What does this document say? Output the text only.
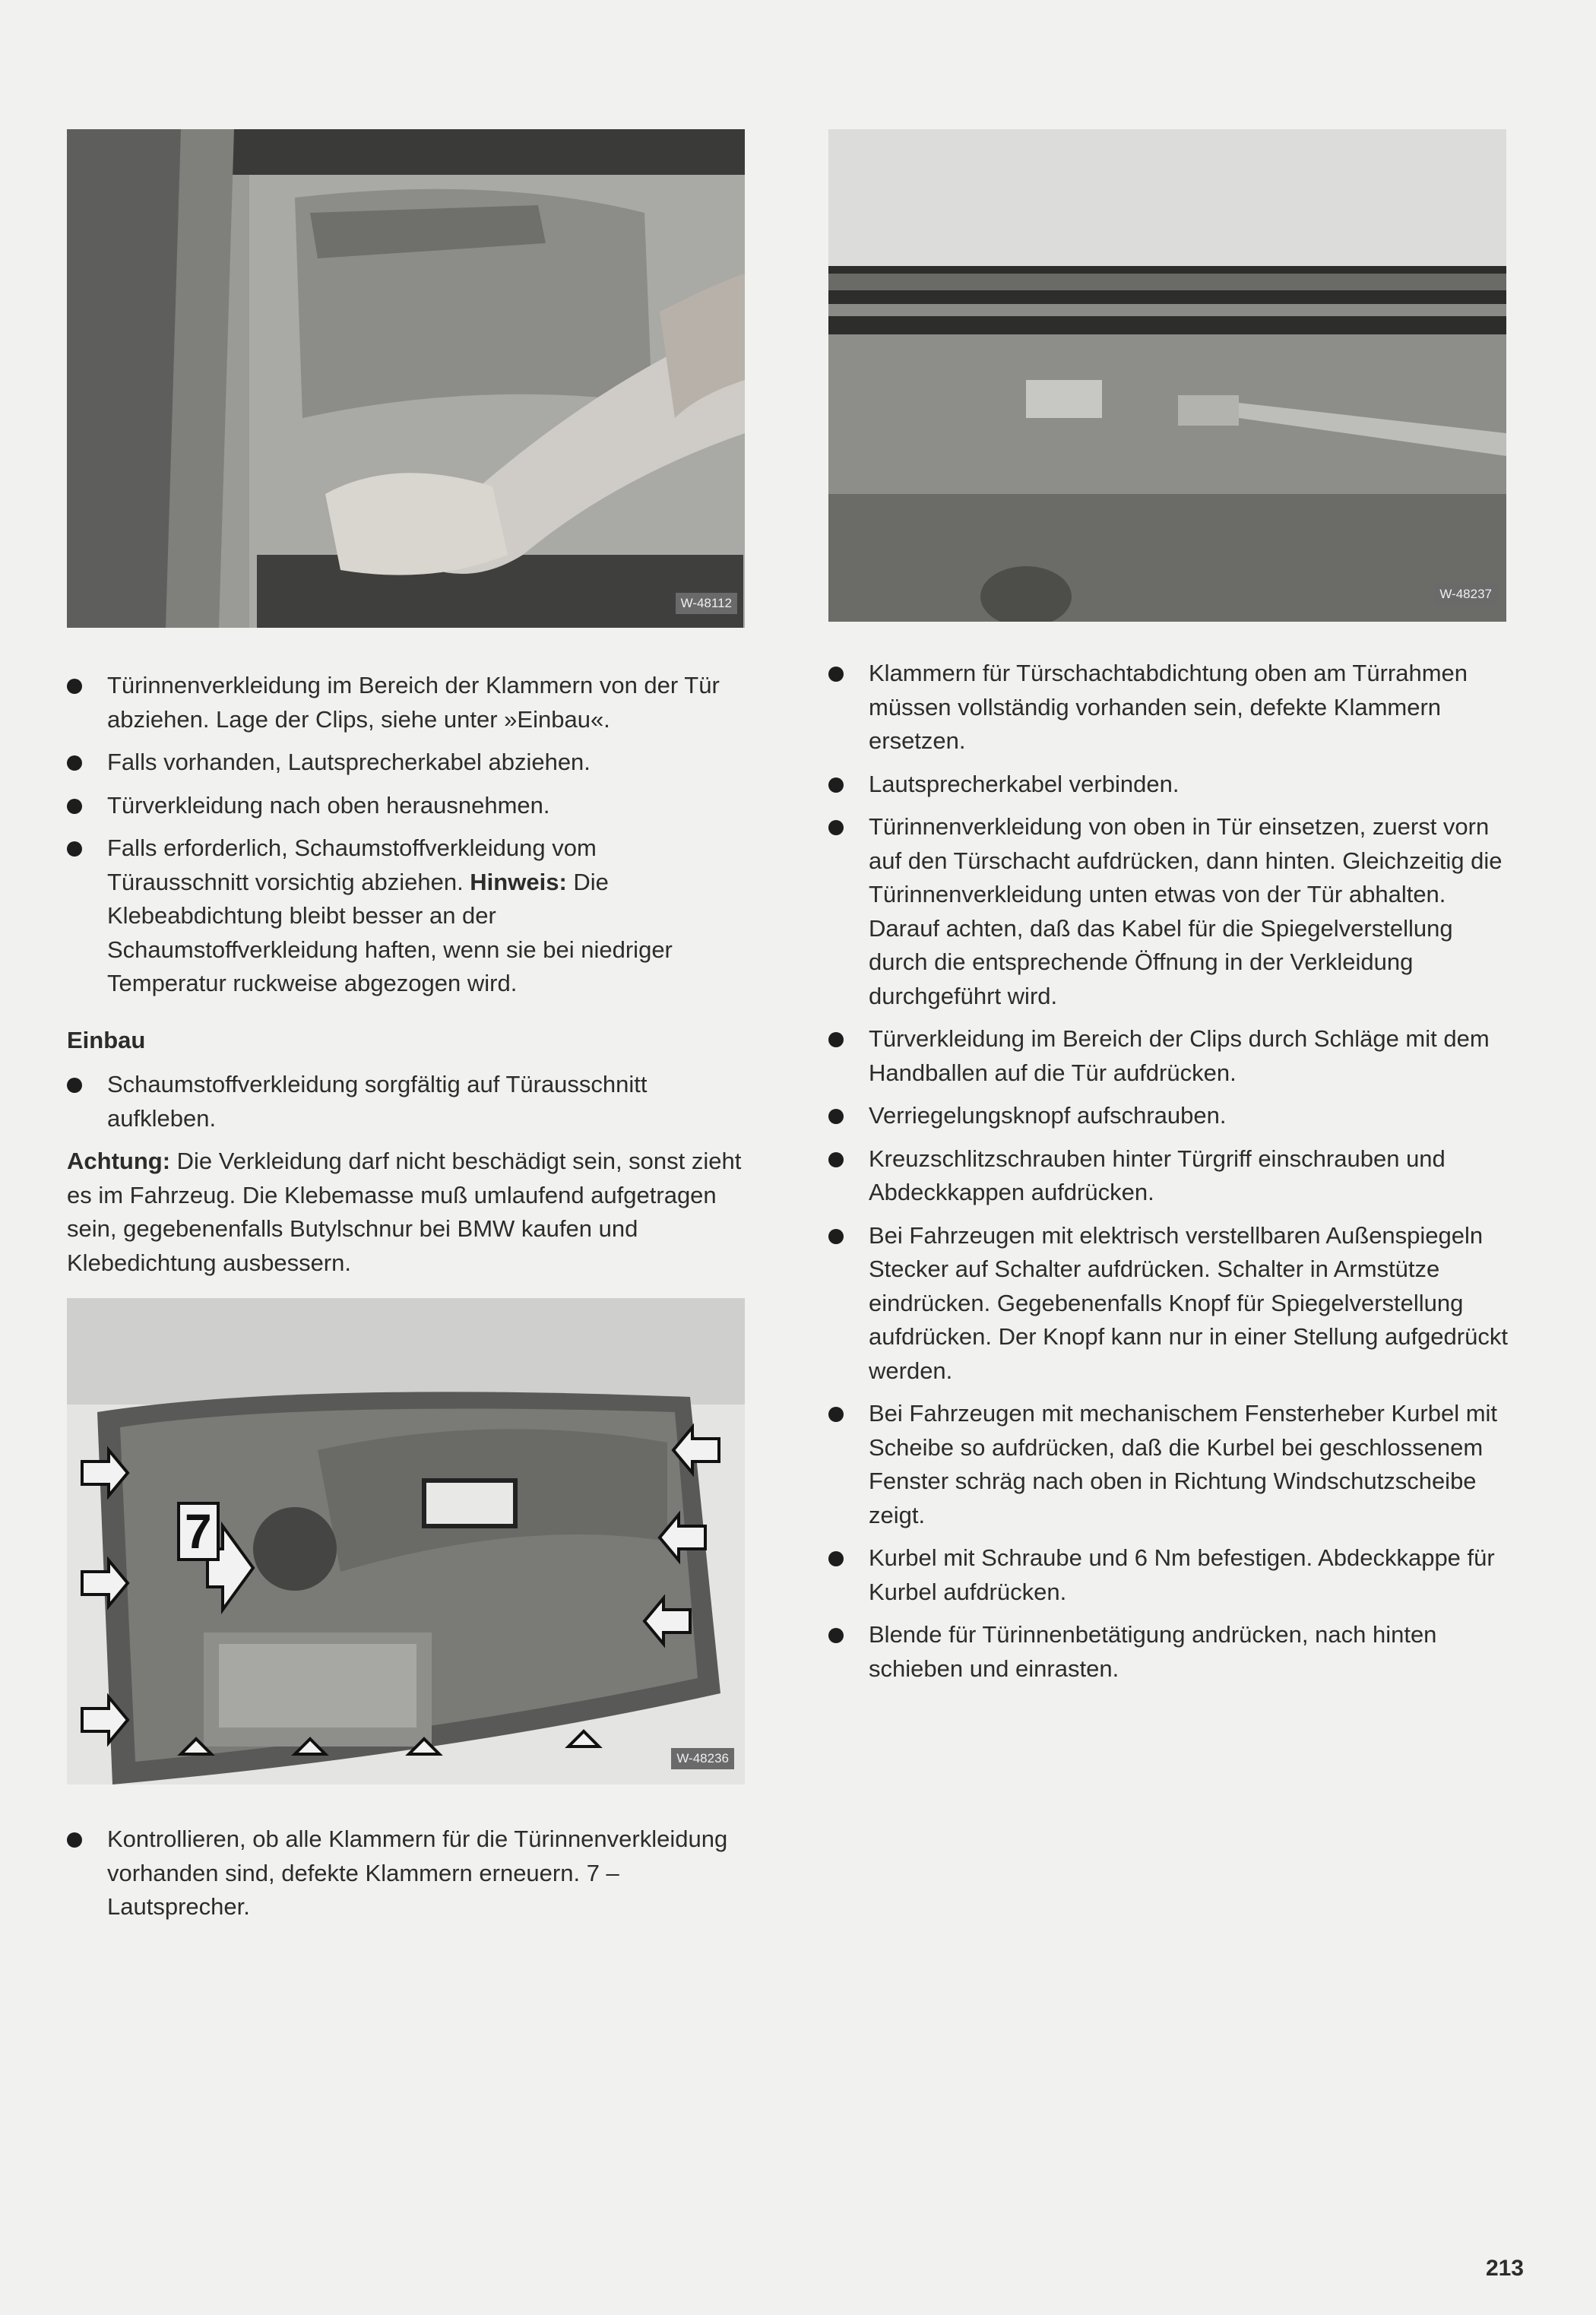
W-48112
W-48237
Türinnenverkleidung im Bereich der Klammern von der Tür abziehen. Lage der Clips, siehe unter »Einbau«.
Falls vorhanden, Lautsprecherkabel abziehen.
Türverkleidung nach oben herausnehmen.
Falls erforderlich, Schaumstoffverkleidung vom Türausschnitt vorsichtig abziehen. Hinweis: Die Klebeabdichtung bleibt besser an der Schaumstoffverkleidung haften, wenn sie bei niedriger Temperatur ruckweise abgezogen wird.
Einbau
Schaumstoffverkleidung sorgfältig auf Türausschnitt aufkleben.

Achtung: Die Verkleidung darf nicht beschädigt sein, sonst zieht es im Fahrzeug. Die Klebemasse muß umlaufend aufgetragen sein, gegebenenfalls Butylschnur bei BMW kaufen und Klebedichtung ausbessern.

7
W-48236
Kontrollieren, ob alle Klammern für die Türinnenverkleidung vorhanden sind, defekte Klammern erneuern. 7 – Lautsprecher.
Klammern für Türschachtabdichtung oben am Türrahmen müssen vollständig vorhanden sein, defekte Klammern ersetzen.
Lautsprecherkabel verbinden.
Türinnenverkleidung von oben in Tür einsetzen, zuerst vorn auf den Türschacht aufdrücken, dann hinten. Gleichzeitig die Türinnenverkleidung unten etwas von der Tür abhalten. Darauf achten, daß das Kabel für die Spiegelverstellung durch die entsprechende Öffnung in der Verkleidung durchgeführt wird.
Türverkleidung im Bereich der Clips durch Schläge mit dem Handballen auf die Tür aufdrücken.
Verriegelungsknopf aufschrauben.
Kreuzschlitzschrauben hinter Türgriff einschrauben und Abdeckkappen aufdrücken.
Bei Fahrzeugen mit elektrisch verstellbaren Außenspiegeln Stecker auf Schalter aufdrücken. Schalter in Armstütze eindrücken. Gegebenenfalls Knopf für Spiegelverstellung aufdrücken. Der Knopf kann nur in einer Stellung aufgedrückt werden.
Bei Fahrzeugen mit mechanischem Fensterheber Kurbel mit Scheibe so aufdrücken, daß die Kurbel bei geschlossenem Fenster schräg nach oben in Richtung Windschutzscheibe zeigt.
Kurbel mit Schraube und 6 Nm befestigen. Abdeckkappe für Kurbel aufdrücken.
Blende für Türinnenbetätigung andrücken, nach hinten schieben und einrasten.
213
